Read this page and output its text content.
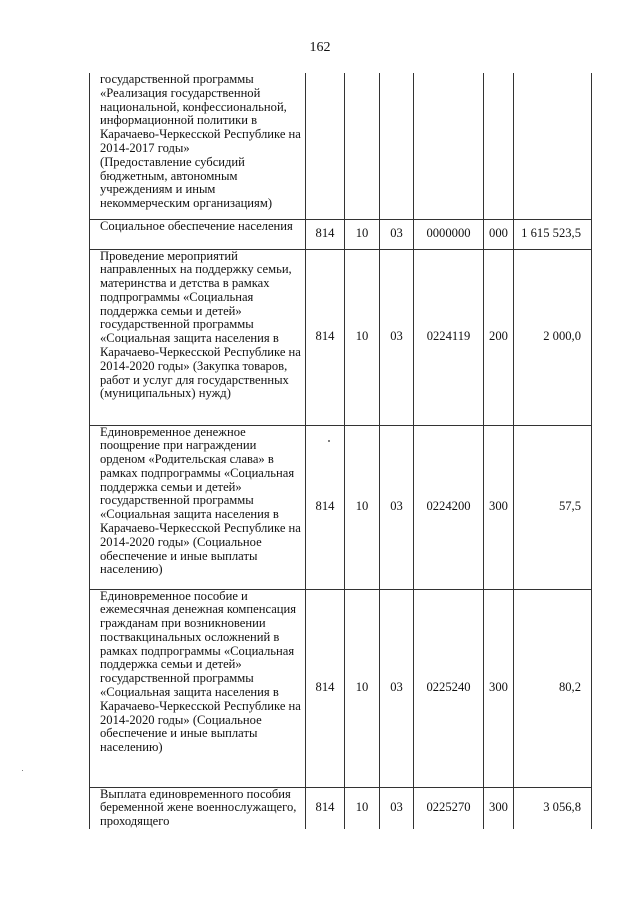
162
государственной программы
«Реализация государственной национальной, конфессиональной, информационной политики в Карачаево-Черкесской Республике на 2014-2017 годы»
(Предоставление субсидий бюджетным, автономным учреждениям и иным некоммерческим организациям)						
Социальное обеспечение населения	814	10	03	0000000	000	1 615 523,5
Проведение мероприятий направленных на поддержку семьи, материнства и детства в рамках подпрограммы «Социальная поддержка семьи и детей» государственной программы «Социальная защита населения в Карачаево-Черкесской Республике на 2014-2020 годы» (Закупка товаров, работ и услуг для государственных (муниципальных) нужд)	814	10	03	0224119	200	2 000,0
Единовременное денежное поощрение при награждении орденом «Родительская слава» в рамках подпрограммы «Социальная поддержка семьи и детей» государственной программы «Социальная защита населения в Карачаево-Черкесской Республике на 2014-2020 годы» (Социальное обеспечение и иные выплаты населению)	814	10	03	0224200	300	57,5
Единовременное пособие и ежемесячная денежная компенсация гражданам при возникновении поствакцинальных осложнений в рамках подпрограммы «Социальная поддержка семьи и детей» государственной программы «Социальная защита населения в Карачаево-Черкесской Республике на 2014-2020 годы» (Социальное обеспечение и иные выплаты населению)	814	10	03	0225240	300	80,2
Выплата единовременного пособия беременной жене военнослужащего, проходящего	814	10	03	0225270	300	3 056,8
